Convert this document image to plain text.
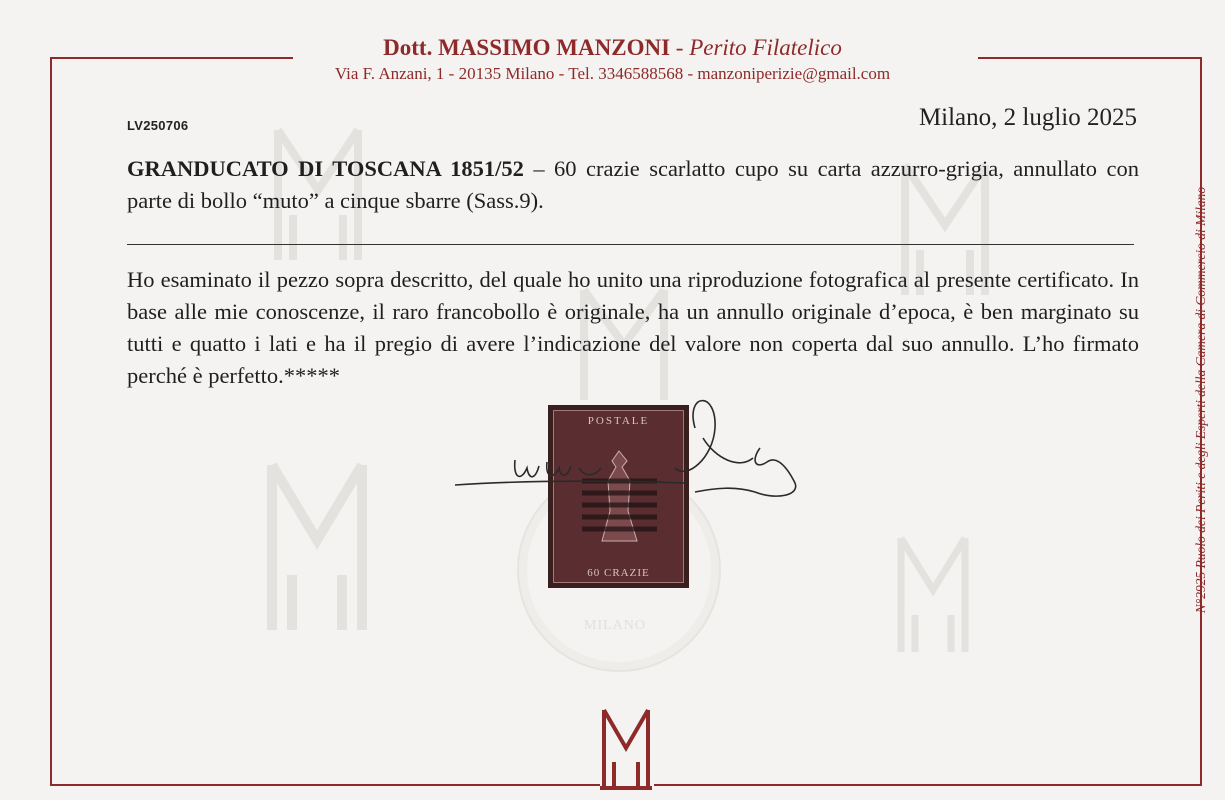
Dott. MASSIMO MANZONI - Perito Filatelico
Via F. Anzani, 1 - 20135 Milano - Tel. 3346588568 - manzoniperizie@gmail.com
LV250706	Milano, 2 luglio 2025
GRANDUCATO DI TOSCANA 1851/52 – 60 crazie scarlatto cupo su carta azzurro-grigia, annullato con parte di bollo “muto” a cinque sbarre (Sass.9).
Ho esaminato il pezzo sopra descritto, del quale ho unito una riproduzione fotografica al presente certificato. In base alle mie conoscenze, il raro francobollo è originale, ha un annullo originale d’epoca, è ben marginato su tutti e quatto i lati e ha il pregio di avere l’indicazione del valore non coperta dal suo annullo. L’ho firmato perché è perfetto.*****
MILANO
POSTALE
60 CRAZIE	N°2925 Ruolo dei Periti e degli Esperti della Camera di Commercio di Milano
